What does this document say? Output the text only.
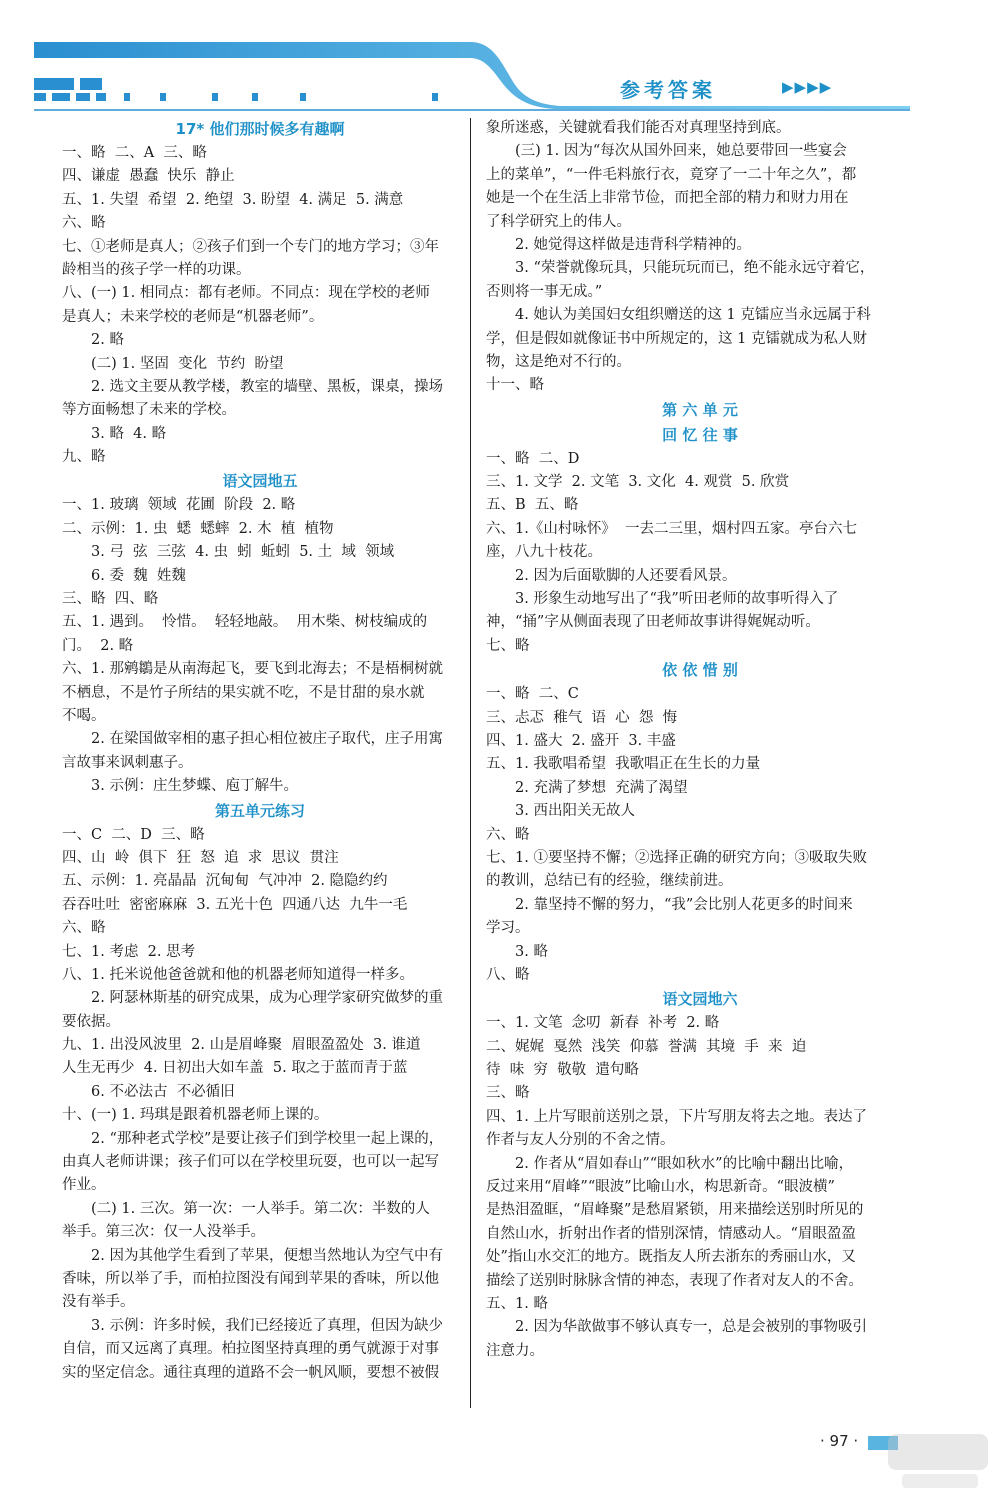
参考答案	▶▶▶▶
17* 他们那时候多有趣啊
一、略  二、A  三、略
四、谦虚  愚蠢  快乐  静止
五、1. 失望  希望  2. 绝望  3. 盼望  4. 满足  5. 满意
六、略
七、①老师是真人；②孩子们到一个专门的地方学习；③年
龄相当的孩子学一样的功课。
八、(一) 1. 相同点：都有老师。不同点：现在学校的老师
是真人；未来学校的老师是“机器老师”。
2. 略
(二) 1. 坚固  变化  节约  盼望
2. 选文主要从教学楼，教室的墙壁、黑板，课桌，操场
等方面畅想了未来的学校。
3. 略  4. 略
九、略
语文园地五
一、1. 玻璃  领域  花圃  阶段  2. 略
二、示例：1. 虫  蟋  蟋蟀  2. 木  植  植物
3. 弓  弦  三弦  4. 虫  蚓  蚯蚓  5. 土  域  领域
6. 委  魏  姓魏
三、略  四、略
五、1. 遇到。  怜惜。  轻轻地敲。  用木柴、树枝编成的
门。  2. 略
六、1. 那鹓鶵是从南海起飞，要飞到北海去；不是梧桐树就
不栖息，不是竹子所结的果实就不吃，不是甘甜的泉水就
不喝。
2. 在梁国做宰相的惠子担心相位被庄子取代，庄子用寓
言故事来讽刺惠子。
3. 示例：庄生梦蝶、庖丁解牛。
第五单元练习
一、C  二、D  三、略
四、山  岭  俱下  狂  怒  追  求  思议  贯注
五、示例：1. 亮晶晶  沉甸甸  气冲冲  2. 隐隐约约
吞吞吐吐  密密麻麻  3. 五光十色  四通八达  九牛一毛
六、略
七、1. 考虑  2. 思考
八、1. 托米说他爸爸就和他的机器老师知道得一样多。
2. 阿瑟林斯基的研究成果，成为心理学家研究做梦的重
要依据。
九、1. 出没风波里  2. 山是眉峰聚  眉眼盈盈处  3. 谁道
人生无再少  4. 日初出大如车盖  5. 取之于蓝而青于蓝
6. 不必法古  不必循旧
十、(一) 1. 玛琪是跟着机器老师上课的。
2. “那种老式学校”是要让孩子们到学校里一起上课的，
由真人老师讲课；孩子们可以在学校里玩耍，也可以一起写
作业。
(二) 1. 三次。第一次：一人举手。第二次：半数的人
举手。第三次：仅一人没举手。
2. 因为其他学生看到了苹果，便想当然地认为空气中有
香味，所以举了手，而柏拉图没有闻到苹果的香味，所以他
没有举手。
3. 示例：许多时候，我们已经接近了真理，但因为缺少
自信，而又远离了真理。柏拉图坚持真理的勇气就源于对事
实的坚定信念。通往真理的道路不会一帆风顺，要想不被假
象所迷惑，关键就看我们能否对真理坚持到底。
(三) 1. 因为“每次从国外回来，她总要带回一些宴会
上的菜单”，“一件毛料旅行衣，竟穿了一二十年之久”，都
她是一个在生活上非常节俭，而把全部的精力和财力用在
了科学研究上的伟人。
2. 她觉得这样做是违背科学精神的。
3. “荣誉就像玩具，只能玩玩而已，绝不能永远守着它，
否则将一事无成。”
4. 她认为美国妇女组织赠送的这 1 克镭应当永远属于科
学，但是假如就像证书中所规定的，这 1 克镭就成为私人财
物，这是绝对不行的。
十一、略
第 六 单 元
回 忆 往 事
一、略  二、D
三、1. 文学  2. 文笔  3. 文化  4. 观赏  5. 欣赏
五、B  五、略
六、1.《山村咏怀》  一去二三里，烟村四五家。亭台六七
座，八九十枝花。
2. 因为后面歇脚的人还要看风景。
3. 形象生动地写出了“我”听田老师的故事听得入了
神，“捅”字从侧面表现了田老师故事讲得娓娓动听。
七、略
依 依 惜 别
一、略  二、C
三、忐忑  稚气  语  心  怨  悔
四、1. 盛大  2. 盛开  3. 丰盛
五、1. 我歌唱希望  我歌唱正在生长的力量
2. 充满了梦想  充满了渴望
3. 西出阳关无故人
六、略
七、1. ①要坚持不懈；②选择正确的研究方向；③吸取失败
的教训，总结已有的经验，继续前进。
2. 靠坚持不懈的努力，“我”会比别人花更多的时间来
学习。
3. 略
八、略
语文园地六
一、1. 文笔  念叨  新春  补考  2. 略
二、娓娓  戛然  浅笑  仰慕  誉满  其境  手  来  迫
待  味  穷  敬敬  遣句略
三、略
四、1. 上片写眼前送别之景，下片写朋友将去之地。表达了
作者与友人分别的不舍之情。
2. 作者从“眉如春山”“眼如秋水”的比喻中翻出比喻，
反过来用“眉峰”“眼波”比喻山水，构思新奇。“眼波横”
是热泪盈眶，“眉峰聚”是愁眉紧锁，用来描绘送别时所见的
自然山水，折射出作者的惜别深情，情感动人。“眉眼盈盈
处”指山水交汇的地方。既指友人所去浙东的秀丽山水，又
描绘了送别时脉脉含情的神态，表现了作者对友人的不舍。
五、1. 略
2. 因为华歆做事不够认真专一，总是会被别的事物吸引
注意力。
· 97 ·
